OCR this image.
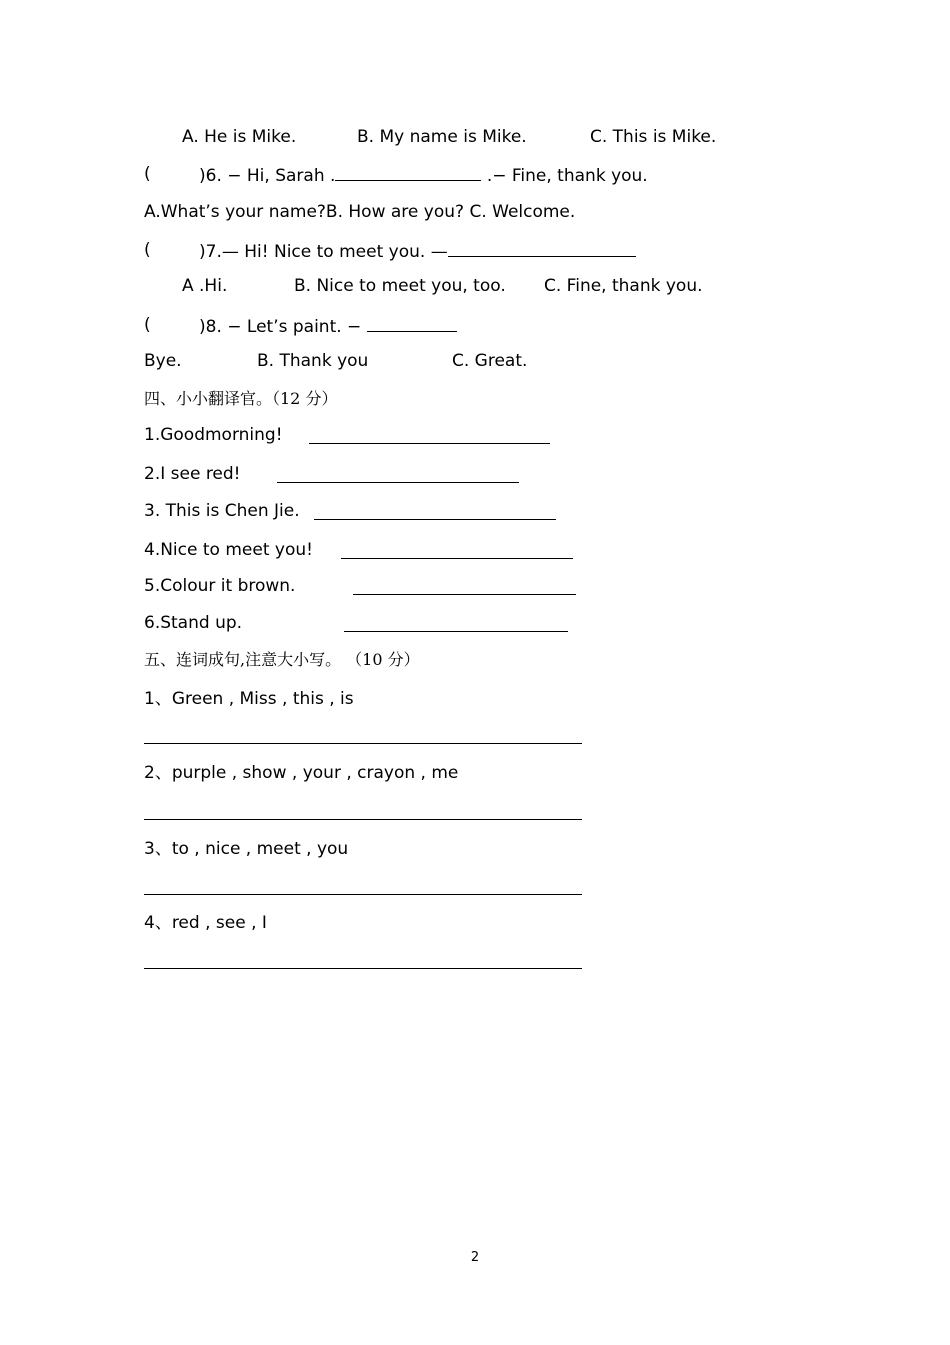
A. He is Mike.	B. My name is Mike.	C. This is Mike.
(	)6. − Hi, Sarah .	.− Fine, thank you.
A.What’s your name?B. How are you? C. Welcome.
(	)7.— Hi! Nice to meet you. —
A .Hi.	B. Nice to meet you, too. C. Fine, thank you.
(	)8. − Let’s paint. −
Bye.	B. Thank you	C. Great.
四、小小翻译官。（12 分）
1.Goodmorning!
2.I see red!
3. This is Chen Jie.
4.Nice to meet you!
5.Colour it brown.
6.Stand up.
五、连词成句,注意大小写。 （10 分）
1、Green , Miss , this , is
2、purple , show , your , crayon , me
3、to , nice , meet , you
4、red , see , I
2
